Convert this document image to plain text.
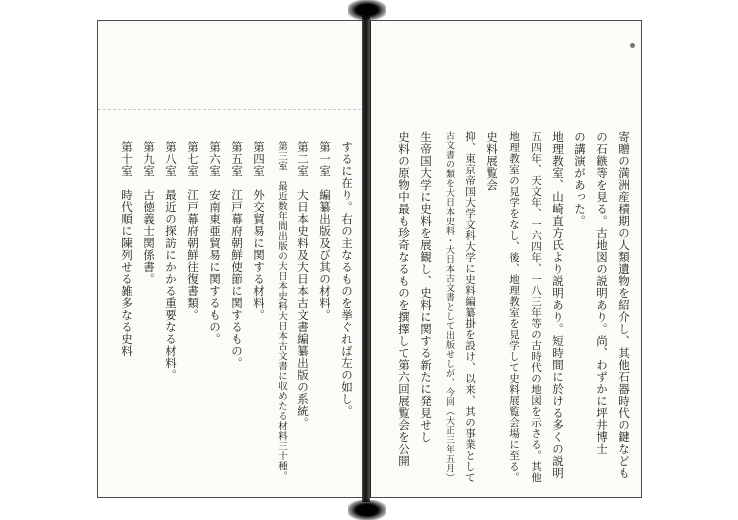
するに在り。右の主なるものを挙ぐれば左の如し。
第一室　編纂出版及び其の材料。
第二室　大日本史料及大日本古文書編纂出版の系統。
第三室　最近数年間出版の大日本史料大日本古文書に収めたる材料三十種。
第四室　外交貿易に関する材料。
第五室　江戸幕府朝鮮使節に関するもの。
第六室　安南東亜貿易に関するもの。
第七室　江戸幕府朝鮮往復書類。
第八室　最近の探訪にかかる重要なる材料。
第九室　古徳義士関係書。
第十室　時代順に陳列せる雑多なる史料	寄贈の満洲産積期の人類遺物を紹介し、其他石器時代の鍵なども
の石鏃等を見る。古地図の説明あり。尚、わずかに坪井博士
の講演があった。
地理教室、山崎直方氏より説明あり。短時間に於ける多くの説明
五四年、天文年、一六四年、一八三年等の古時代の地図を示さる。其他
地理教室の見学をなし、後、地理教室を見学して史料展覧会場に至る。
史料展覧会
抑、東京帝国大学文科大学に史料編纂掛を設け、以来、其の事業として
古文書の類を大日本史料・大日本古文書として出版せしが、今回（大正三年五月）
生帝国大学に史料を展観し、史料に関する新たに発見せし
史料の原物中最も珍奇なるものを撰擇して第六回展覧会を公開
